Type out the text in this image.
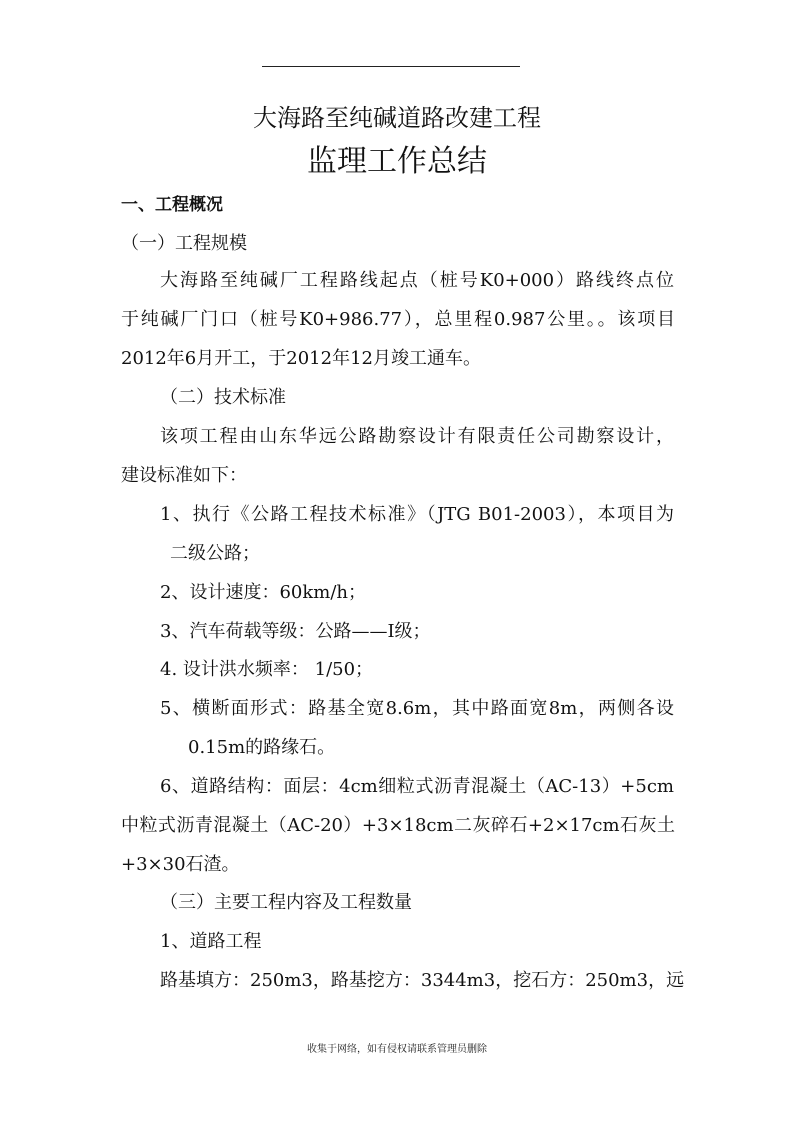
大海路至纯碱道路改建工程
监理工作总结
一、工程概况
（一）工程规模
大海路至纯碱厂工程路线起点（桩号K0+000）路线终点位
于纯碱厂门口（桩号K0+986.77），总里程0.987公里。。该项目
2012年6月开工，于2012年12月竣工通车。
（二）技术标准
该项工程由山东华远公路勘察设计有限责任公司勘察设计，
建设标准如下：
1、执行《公路工程技术标准》（JTG B01-2003），本项目为
二级公路；
2、设计速度：60km/h；
3、汽车荷载等级：公路——Ⅰ级；
4. 设计洪水频率： 1/50；
5、横断面形式：路基全宽8.6m，其中路面宽8m，两侧各设
0.15m的路缘石。
6、道路结构：面层：4cm细粒式沥青混凝土（AC-13）+5cm
中粒式沥青混凝土（AC-20）+3×18cm二灰碎石+2×17cm石灰土
+3×30石渣。
（三）主要工程内容及工程数量
1、道路工程
路基填方：250m3，路基挖方：3344m3，挖石方：250m3，远
收集于网络，如有侵权请联系管理员删除
